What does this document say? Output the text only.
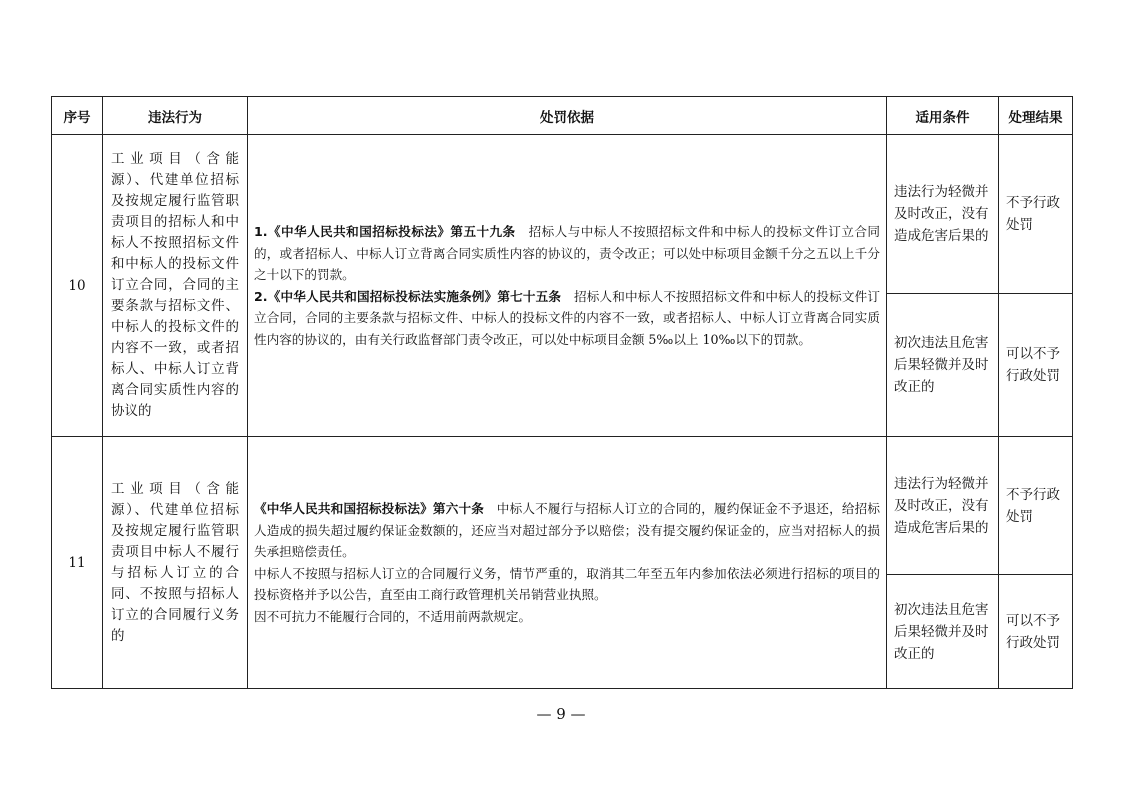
序号	违法行为	处罚依据	适用条件	处理结果
10	工业项目（含能源）、代建单位招标及按规定履行监管职责项目的招标人和中标人不按照招标文件和中标人的投标文件订立合同，合同的主要条款与招标文件、中标人的投标文件的内容不一致，或者招标人、中标人订立背离合同实质性内容的协议的	1.《中华人民共和国招标投标法》第五十九条　招标人与中标人不按照招标文件和中标人的投标文件订立合同的，或者招标人、中标人订立背离合同实质性内容的协议的，责令改正；可以处中标项目金额千分之五以上千分之十以下的罚款。

2.《中华人民共和国招标投标法实施条例》第七十五条　招标人和中标人不按照招标文件和中标人的投标文件订立合同，合同的主要条款与招标文件、中标人的投标文件的内容不一致，或者招标人、中标人订立背离合同实质性内容的协议的，由有关行政监督部门责令改正，可以处中标项目金额 5‰以上 10‰以下的罚款。	违法行为轻微并及时改正，没有造成危害后果的	不予行政处罚
			初次违法且危害后果轻微并及时改正的	可以不予行政处罚
11	工业项目（含能源）、代建单位招标及按规定履行监管职责项目中标人不履行与招标人订立的合同、不按照与招标人订立的合同履行义务的	《中华人民共和国招标投标法》第六十条　中标人不履行与招标人订立的合同的，履约保证金不予退还，给招标人造成的损失超过履约保证金数额的，还应当对超过部分予以赔偿；没有提交履约保证金的，应当对招标人的损失承担赔偿责任。

中标人不按照与招标人订立的合同履行义务，情节严重的，取消其二年至五年内参加依法必须进行招标的项目的投标资格并予以公告，直至由工商行政管理机关吊销营业执照。

因不可抗力不能履行合同的，不适用前两款规定。	违法行为轻微并及时改正，没有造成危害后果的	不予行政处罚
			初次违法且危害后果轻微并及时改正的	可以不予行政处罚
— 9 —
